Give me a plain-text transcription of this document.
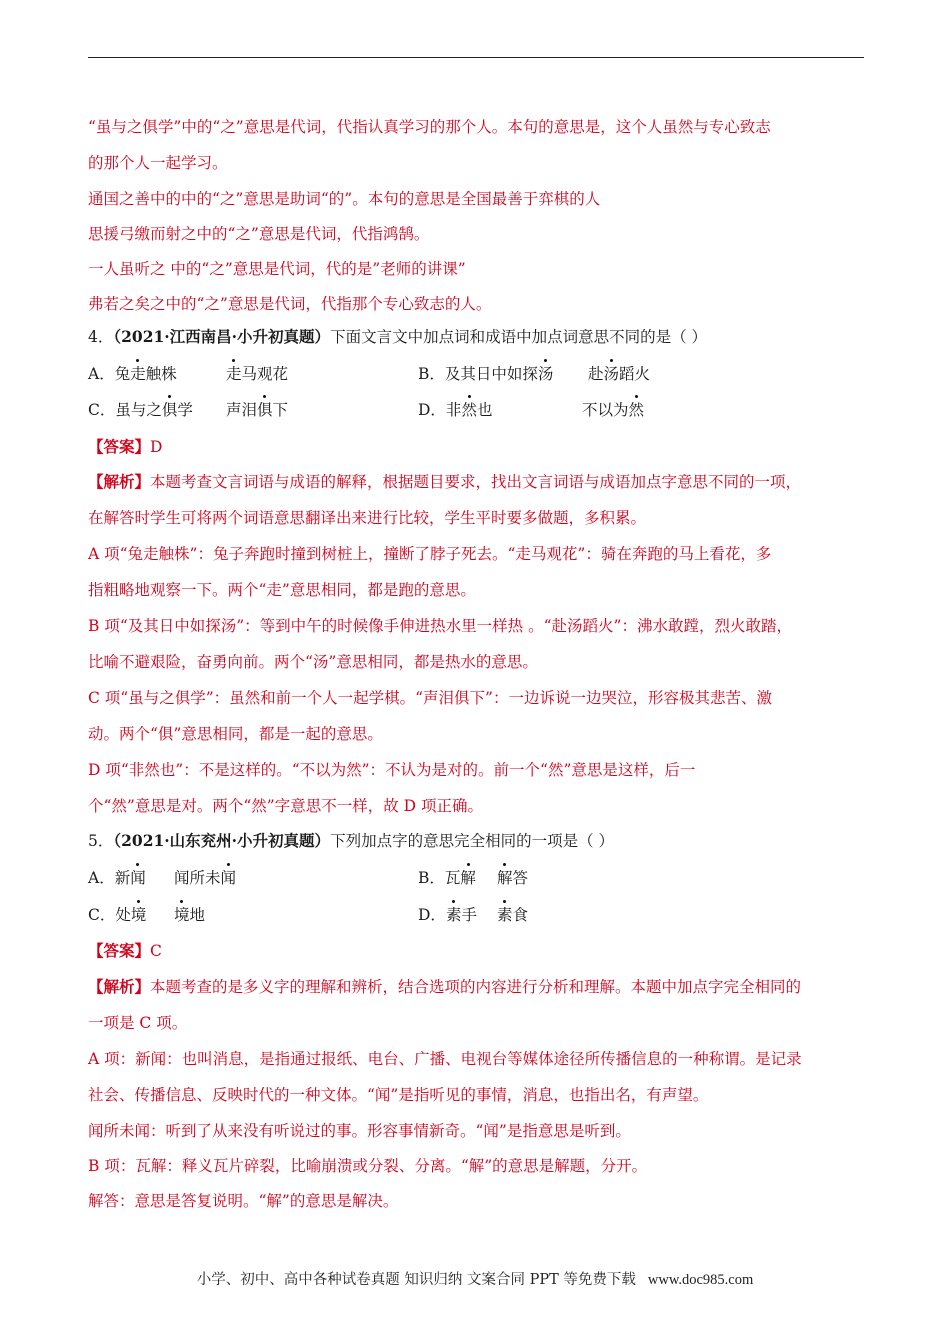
“虽与之俱学”中的“之”意思是代词，代指认真学习的那个人。本句的意思是，这个人虽然与专心致志
的那个人一起学习。
通国之善中的中的“之”意思是助词“的”。本句的意思是全国最善于弈棋的人
思援弓缴而射之中的“之”意思是代词，代指鸿鹄。
一人虽听之 中的“之”意思是代词，代的是”老师的讲课”
弗若之矣之中的“之”意思是代词，代指那个专心致志的人。
4．（2021·江西南昌·小升初真题）下面文言文中加点词和成语中加点词意思不同的是（ ）
A．兔走触株	走马观花	B．及其日中如探汤 赴汤蹈火
C．虽与之俱学 声泪俱下	D．非然也	不以为然
【答案】D
【解析】本题考查文言词语与成语的解释，根据题目要求，找出文言词语与成语加点字意思不同的一项，
在解答时学生可将两个词语意思翻译出来进行比较，学生平时要多做题，多积累。
A 项“兔走触株”：兔子奔跑时撞到树桩上，撞断了脖子死去。“走马观花”：骑在奔跑的马上看花，多
指粗略地观察一下。两个“走”意思相同，都是跑的意思。
B 项“及其日中如探汤”：等到中午的时候像手伸进热水里一样热 。“赴汤蹈火”：沸水敢蹚，烈火敢踏，
比喻不避艰险，奋勇向前。两个“汤”意思相同，都是热水的意思。
C 项“虽与之俱学”：虽然和前一个人一起学棋。“声泪俱下”：一边诉说一边哭泣，形容极其悲苦、激
动。两个“俱”意思相同，都是一起的意思。
D 项“非然也”：不是这样的。“不以为然”：不认为是对的。前一个“然”意思是这样，后一
个“然”意思是对。两个“然”字意思不一样，故 D 项正确。
5．（2021·山东兖州·小升初真题）下列加点字的意思完全相同的一项是（ ）
A．新闻 闻所未闻	B．瓦解 解答
C．处境 境地	D．素手 素食
【答案】C
【解析】本题考查的是多义字的理解和辨析，结合选项的内容进行分析和理解。本题中加点字完全相同的
一项是 C 项。
A 项：新闻：也叫消息，是指通过报纸、电台、广播、电视台等媒体途径所传播信息的一种称谓。是记录
社会、传播信息、反映时代的一种文体。“闻”是指听见的事情，消息，也指出名，有声望。
闻所未闻：听到了从来没有听说过的事。形容事情新奇。“闻”是指意思是听到。
B 项：瓦解：释义瓦片碎裂，比喻崩溃或分裂、分离。“解”的意思是解题，分开。
解答：意思是答复说明。“解”的意思是解决。
小学、初中、高中各种试卷真题 知识归纳 文案合同 PPT 等免费下载 www.doc985.com
